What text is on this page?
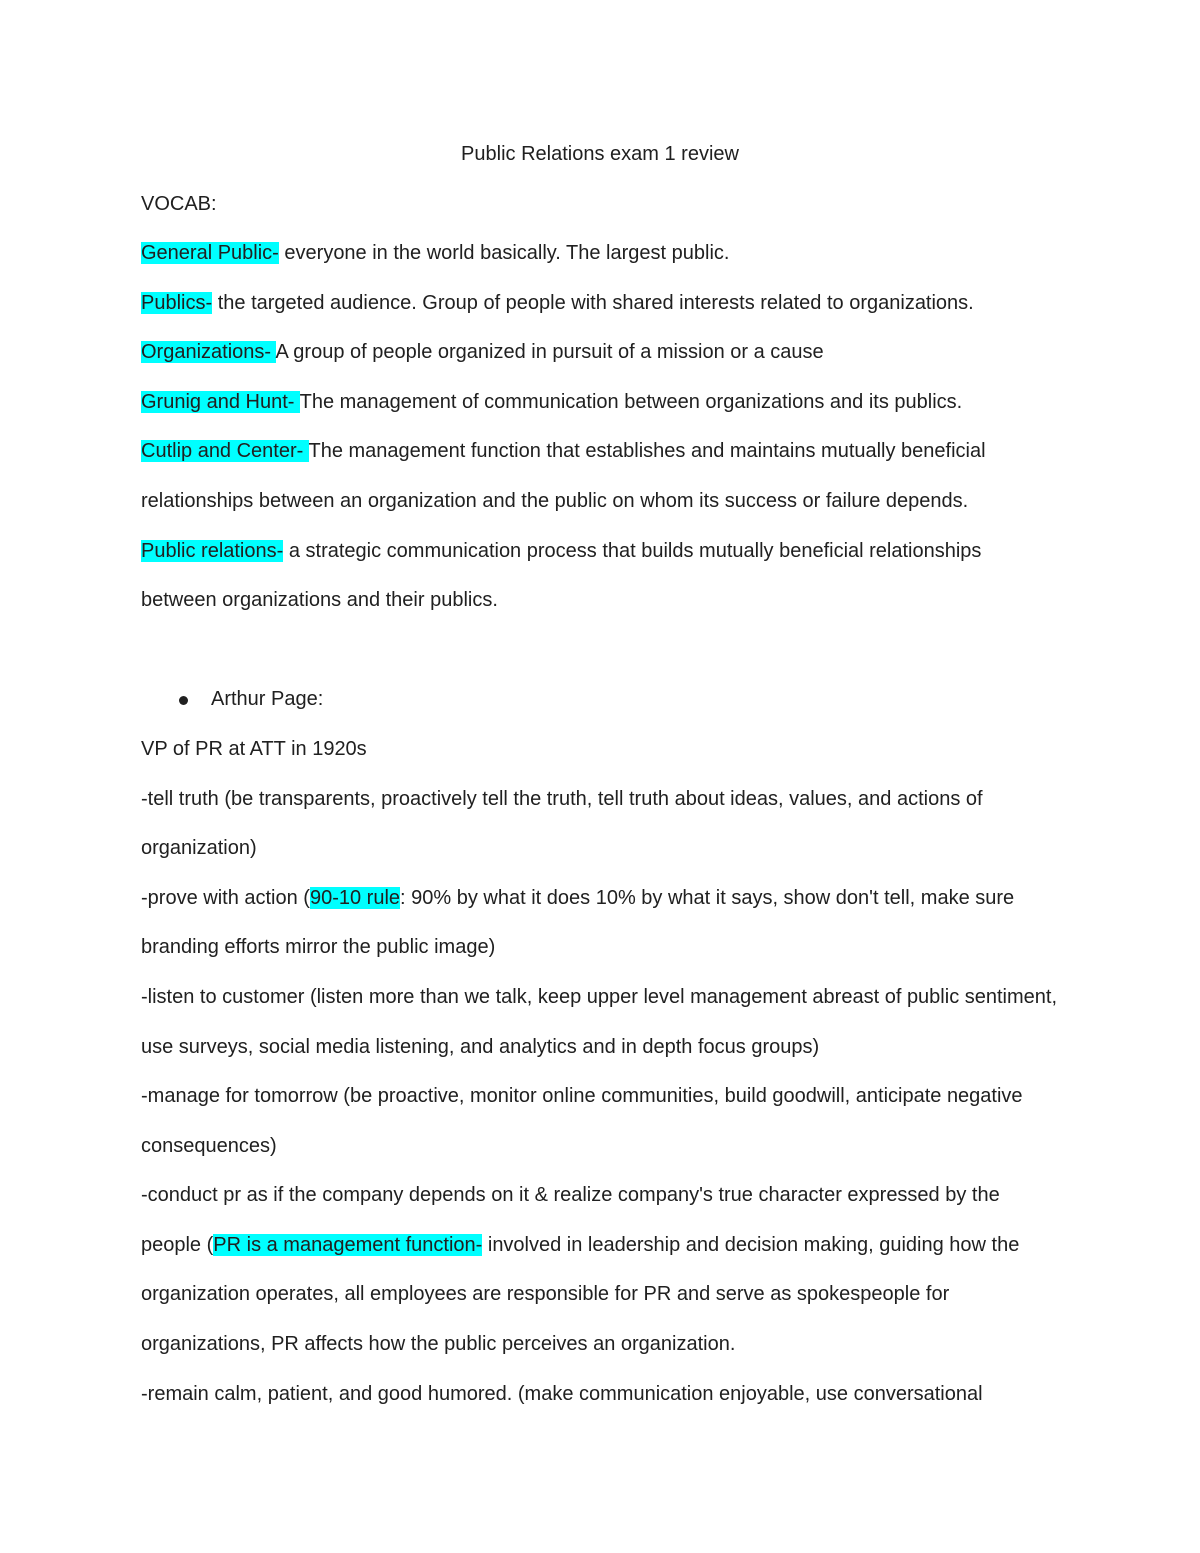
Public Relations exam 1 review

VOCAB:

General Public- everyone in the world basically. The largest public.

Publics- the targeted audience. Group of people with shared interests related to organizations.

Organizations- A group of people organized in pursuit of a mission or a cause

Grunig and Hunt- The management of communication between organizations and its publics.

Cutlip and Center- The management function that establishes and maintains mutually beneficial relationships between an organization and the public on whom its success or failure depends.

Public relations- a strategic communication process that builds mutually beneficial relationships between organizations and their publics.

Arthur Page:

VP of PR at ATT in 1920s

-tell truth (be transparents, proactively tell the truth, tell truth about ideas, values, and actions of organization)

-prove with action (90-10 rule: 90% by what it does 10% by what it says, show don't tell, make sure branding efforts mirror the public image)

-listen to customer (listen more than we talk, keep upper level management abreast of public sentiment, use surveys, social media listening, and analytics and in depth focus groups)

-manage for tomorrow (be proactive, monitor online communities, build goodwill, anticipate negative consequences)

-conduct pr as if the company depends on it & realize company's true character expressed by the people (PR is a management function- involved in leadership and decision making, guiding how the organization operates, all employees are responsible for PR and serve as spokespeople for organizations, PR affects how the public perceives an organization.

-remain calm, patient, and good humored. (make communication enjoyable, use conversational
